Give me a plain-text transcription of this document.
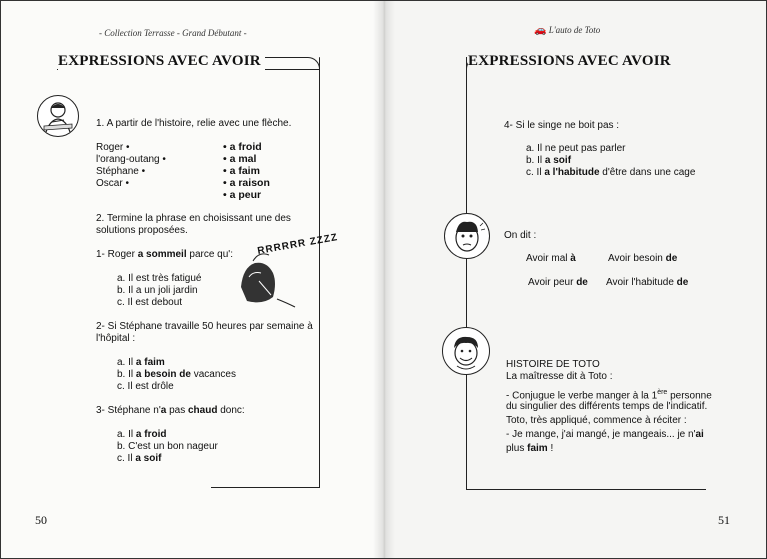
- Collection Terrasse - Grand Débutant -
EXPRESSIONS AVEC AVOIR
1. A partir de l'histoire, relie avec une flèche.
Roger •
l'orang-outang •
Stéphane •
Oscar •
• a froid
• a mal
• a faim
• a raison
• a peur
2. Termine la phrase en choisissant une des
solutions proposées.
1- Roger a sommeil parce qu':
a. Il est très fatigué
b. Il a un joli jardin
c. Il est debout
RRRRRR ZZZZ
2- Si Stéphane travaille 50 heures par semaine à
l'hôpital :
a. Il a faim
b. Il a besoin de vacances
c. Il est drôle
3- Stéphane n'a pas chaud donc:
a. Il a froid
b. C'est un bon nageur
c. Il a soif
50
🚗 L'auto de Toto
EXPRESSIONS AVEC AVOIR
4- Si le singe ne boit pas :
a. Il ne peut pas parler
b. Il a soif
c. Il a l'habitude d'être dans une cage
On dit :
Avoir mal à	Avoir besoin de
Avoir peur de Avoir l'habitude de
HISTOIRE DE TOTO
La maîtresse dit à Toto :
- Conjugue le verbe manger à la 1ère personne
du singulier des différents temps de l'indicatif.
Toto, très appliqué, commence à réciter :
- Je mange, j'ai mangé, je mangeais... je n'ai
plus faim !
51
